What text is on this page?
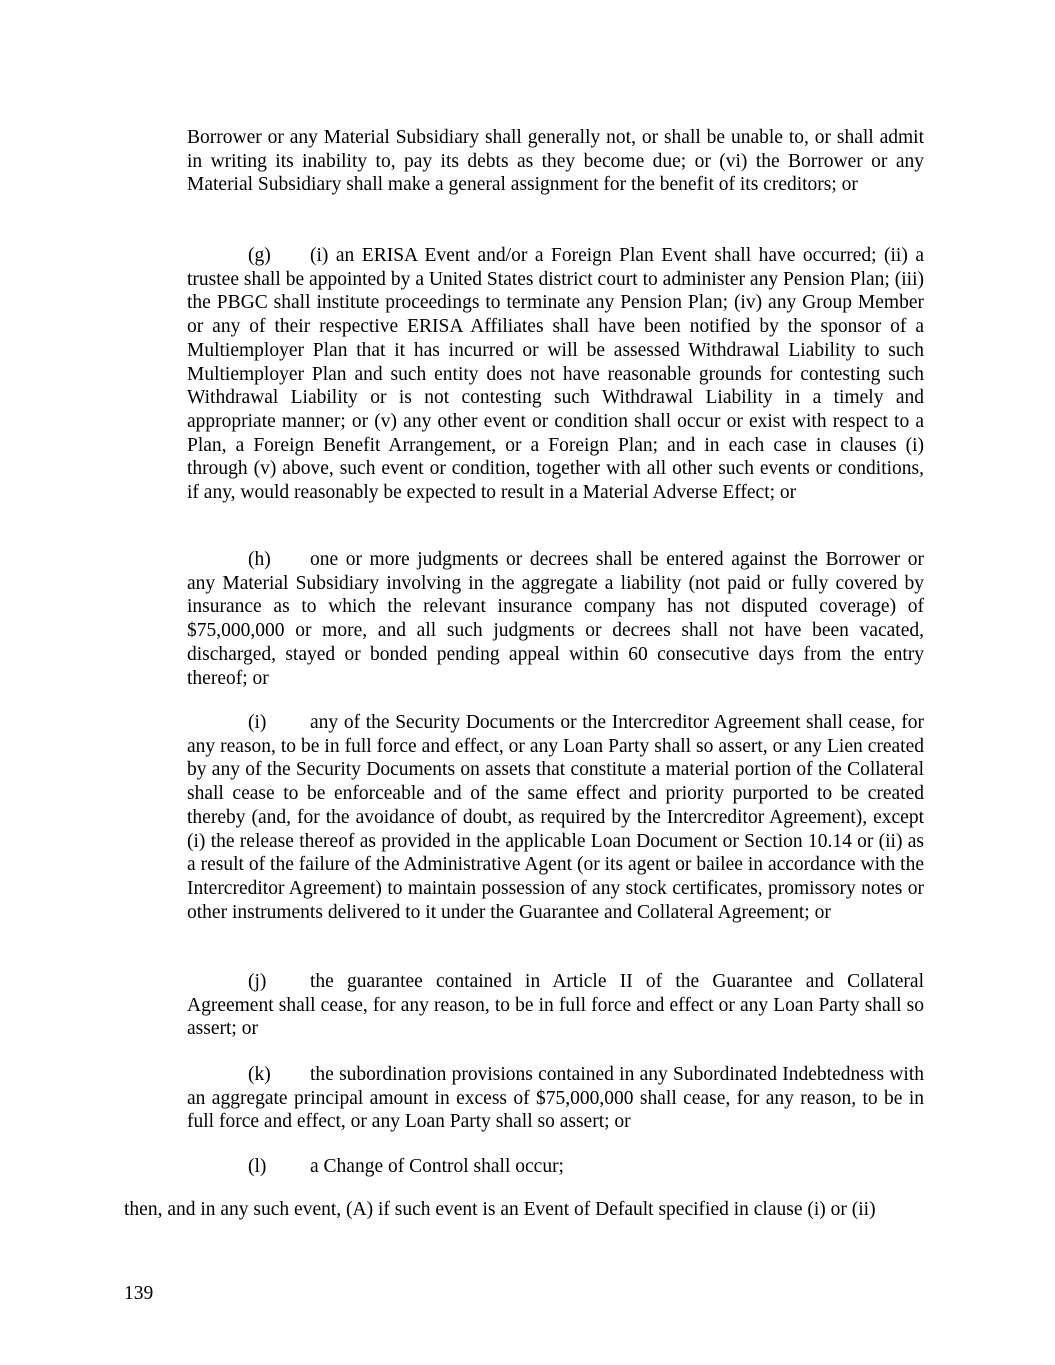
Borrower or any Material Subsidiary shall generally not, or shall be unable to, or shall admit in writing its inability to, pay its debts as they become due; or (vi) the Borrower or any Material Subsidiary shall make a general assignment for the benefit of its creditors; or

(g) (i) an ERISA Event and/or a Foreign Plan Event shall have occurred; (ii) a trustee shall be appointed by a United States district court to administer any Pension Plan; (iii) the PBGC shall institute proceedings to terminate any Pension Plan; (iv) any Group Member or any of their respective ERISA Affiliates shall have been notified by the sponsor of a Multiemployer Plan that it has incurred or will be assessed Withdrawal Liability to such Multiemployer Plan and such entity does not have reasonable grounds for contesting such Withdrawal Liability or is not contesting such Withdrawal Liability in a timely and appropriate manner; or (v) any other event or condition shall occur or exist with respect to a Plan, a Foreign Benefit Arrangement, or a Foreign Plan; and in each case in clauses (i) through (v) above, such event or condition, together with all other such events or conditions, if any, would reasonably be expected to result in a Material Adverse Effect; or

(h) one or more judgments or decrees shall be entered against the Borrower or any Material Subsidiary involving in the aggregate a liability (not paid or fully covered by insurance as to which the relevant insurance company has not disputed coverage) of $75,000,000 or more, and all such judgments or decrees shall not have been vacated, discharged, stayed or bonded pending appeal within 60 consecutive days from the entry thereof; or

(i) any of the Security Documents or the Intercreditor Agreement shall cease, for any reason, to be in full force and effect, or any Loan Party shall so assert, or any Lien created by any of the Security Documents on assets that constitute a material portion of the Collateral shall cease to be enforceable and of the same effect and priority purported to be created thereby (and, for the avoidance of doubt, as required by the Intercreditor Agreement), except (i) the release thereof as provided in the applicable Loan Document or Section 10.14 or (ii) as a result of the failure of the Administrative Agent (or its agent or bailee in accordance with the Intercreditor Agreement) to maintain possession of any stock certificates, promissory notes or other instruments delivered to it under the Guarantee and Collateral Agreement; or

(j) the guarantee contained in Article II of the Guarantee and Collateral Agreement shall cease, for any reason, to be in full force and effect or any Loan Party shall so assert; or

(k) the subordination provisions contained in any Subordinated Indebtedness with an aggregate principal amount in excess of $75,000,000 shall cease, for any reason, to be in full force and effect, or any Loan Party shall so assert; or

(l) a Change of Control shall occur;

then, and in any such event, (A) if such event is an Event of Default specified in clause (i) or (ii)

139
